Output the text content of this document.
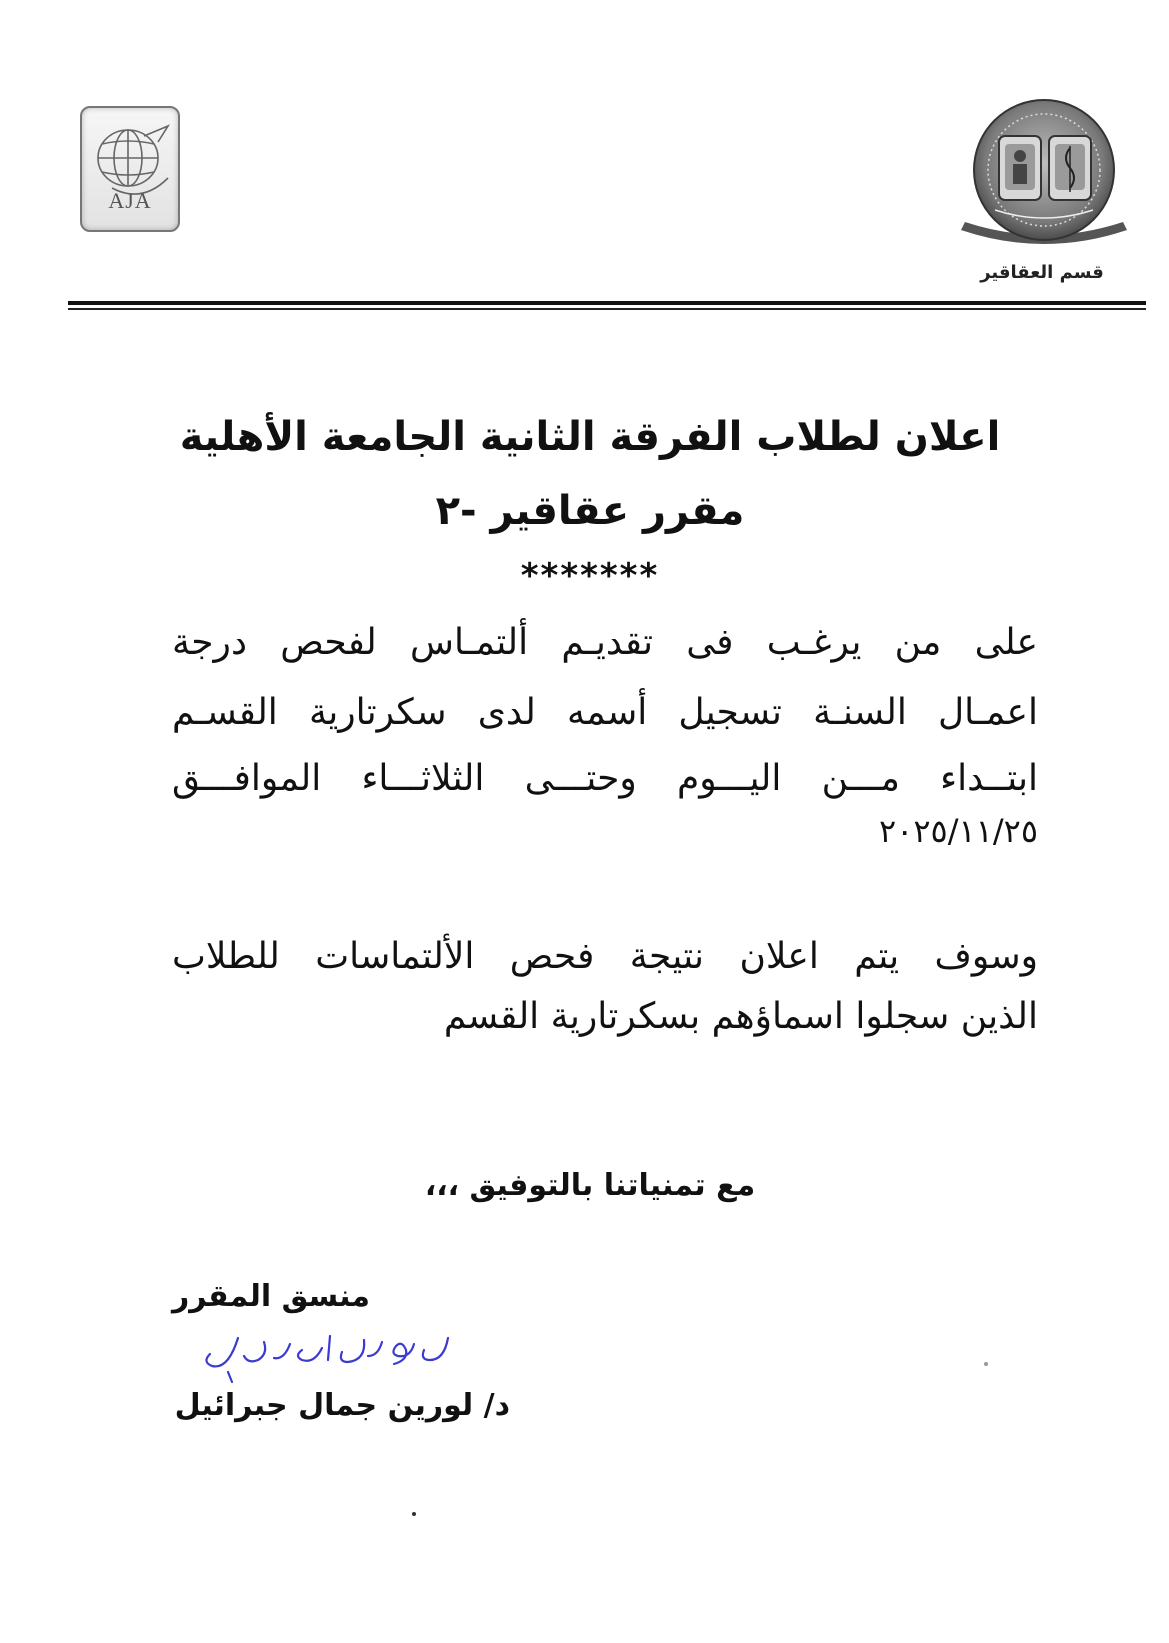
AJA
قسم العقاقير
اعلان لطلاب الفرقة الثانية الجامعة الأهلية
مقرر عقاقير -٢
*******
على من يرغـب فى تقديـم ألتمـاس لفحص درجة
اعمـال السنـة تسجيل أسمه لدى سكرتارية القسـم
ابتــداء مـــن اليـــوم وحتـــى الثلاثـــاء الموافـــق
٢٠٢٥/١١/٢٥
وسوف يتم اعلان نتيجة فحص الألتماسات للطلاب
الذين سجلوا اسماؤهم بسكرتارية القسم
مع تمنياتنا بالتوفيق ،،،
منسق المقرر
د/ لورين جمال جبرائيل
